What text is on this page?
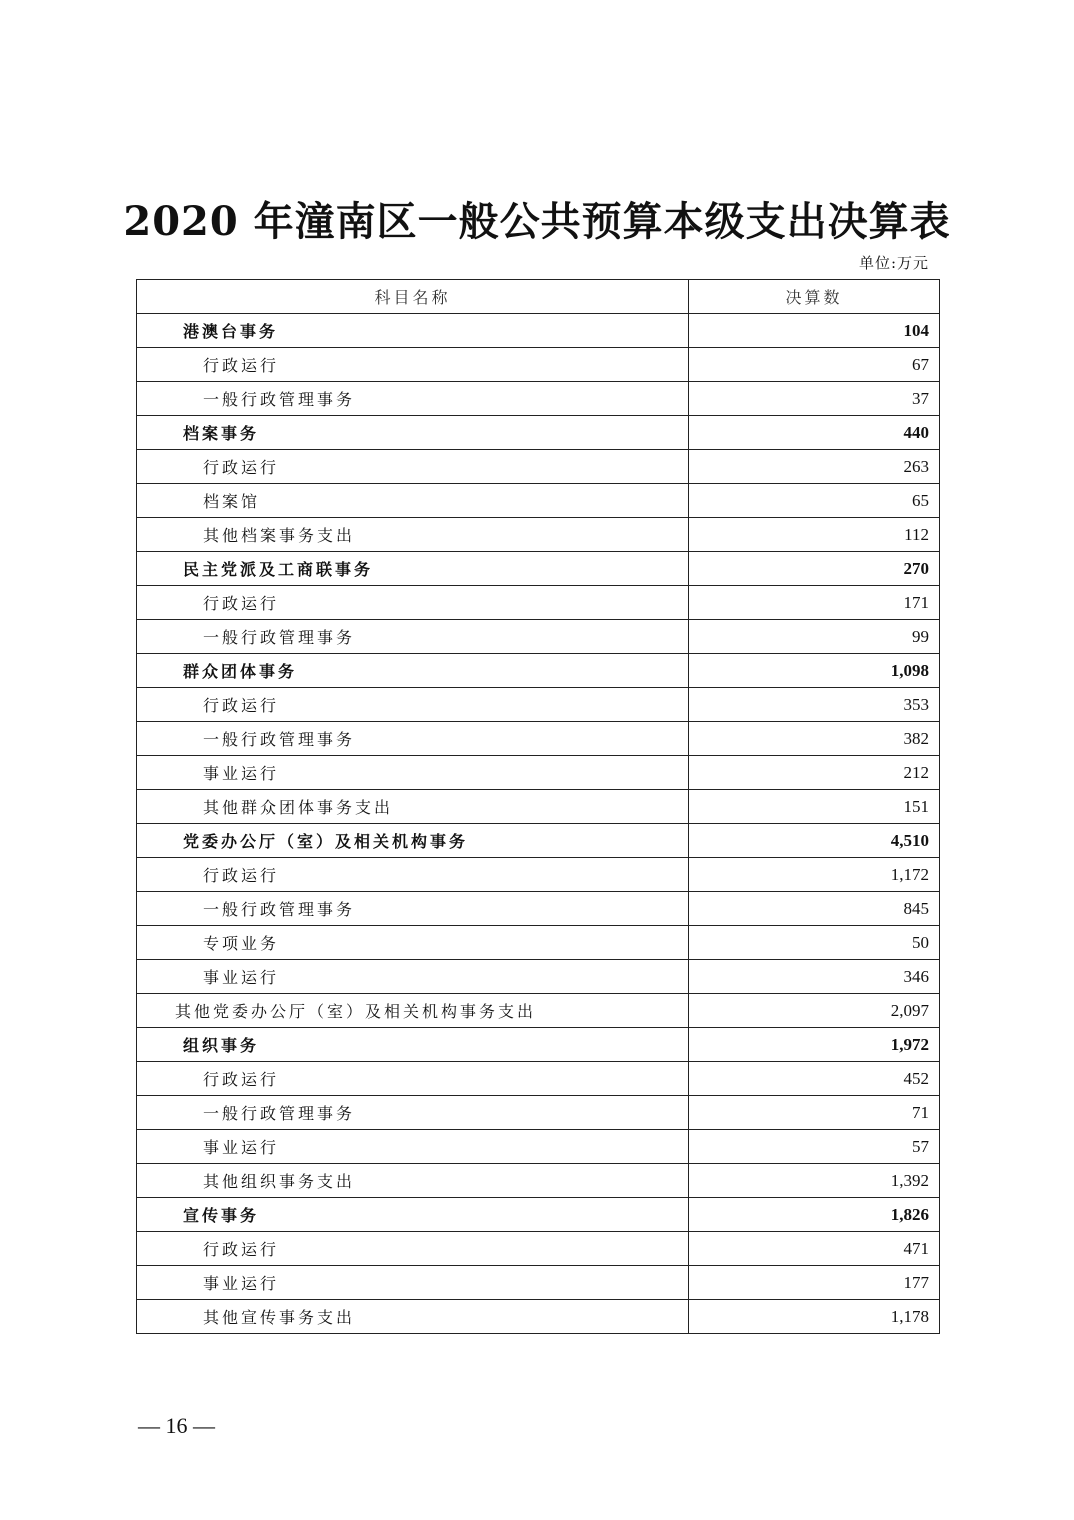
2020 年潼南区一般公共预算本级支出决算表
单位:万元
科目名称	决算数
港澳台事务	104
行政运行	67
一般行政管理事务	37
档案事务	440
行政运行	263
档案馆	65
其他档案事务支出	112
民主党派及工商联事务	270
行政运行	171
一般行政管理事务	99
群众团体事务	1,098
行政运行	353
一般行政管理事务	382
事业运行	212
其他群众团体事务支出	151
党委办公厅（室）及相关机构事务	4,510
行政运行	1,172
一般行政管理事务	845
专项业务	50
事业运行	346
其他党委办公厅（室）及相关机构事务支出	2,097
组织事务	1,972
行政运行	452
一般行政管理事务	71
事业运行	57
其他组织事务支出	1,392
宣传事务	1,826
行政运行	471
事业运行	177
其他宣传事务支出	1,178
— 16 —
